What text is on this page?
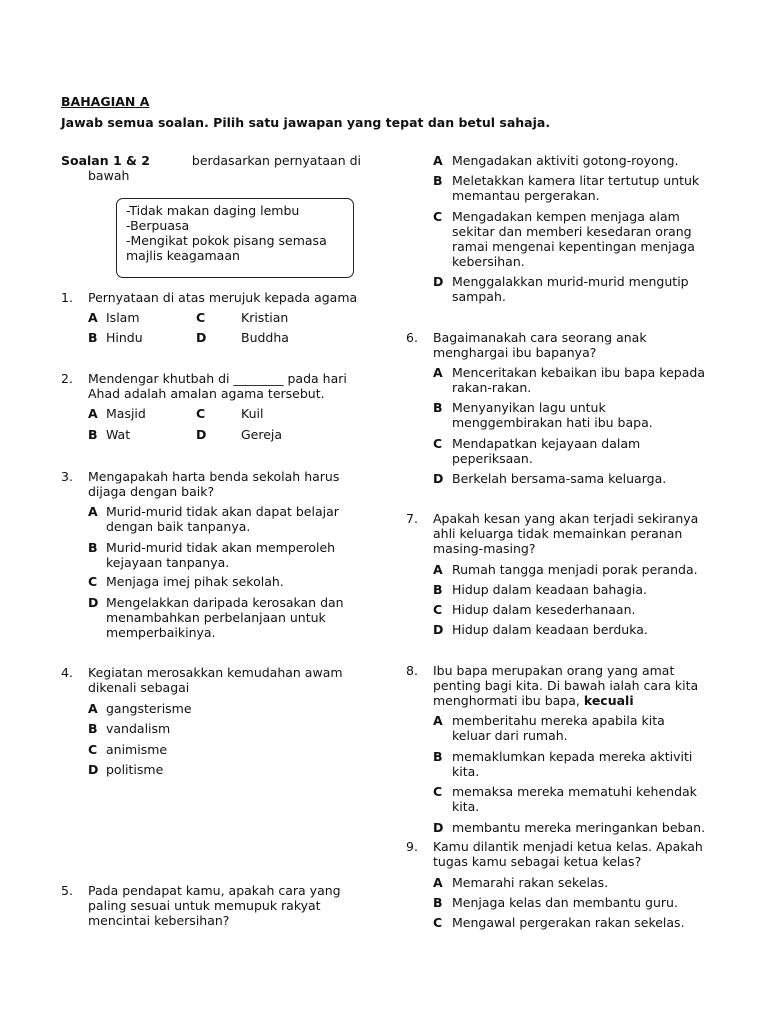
BAHAGIAN A
Jawab semua soalan. Pilih satu jawapan yang tepat dan betul sahaja.
Soalan 1 & 2	berdasarkan pernyataan di
bawah
-Tidak makan daging lembu
-Berpuasa
-Mengikat pokok pisang semasa
majlis keagamaan
1. Pernyataan di atas merujuk kepada agama
A Islam	C	Kristian
B Hindu	D	Buddha
2. Mendengar khutbah di ________ pada hari
Ahad adalah amalan agama tersebut.
A Masjid	C	Kuil
B Wat	D	Gereja
3. Mengapakah harta benda sekolah harus
dijaga dengan baik?
A Murid-murid tidak akan dapat belajar
dengan baik tanpanya.
B Murid-murid tidak akan memperoleh
kejayaan tanpanya.
C Menjaga imej pihak sekolah.
D Mengelakkan daripada kerosakan dan
menambahkan perbelanjaan untuk
memperbaikinya.
4. Kegiatan merosakkan kemudahan awam
dikenali sebagai
A gangsterisme
B vandalism
C animisme
D politisme
5. Pada pendapat kamu, apakah cara yang
paling sesuai untuk memupuk rakyat
mencintai kebersihan?
A Mengadakan aktiviti gotong-royong.
B Meletakkan kamera litar tertutup untuk
memantau pergerakan.
C Mengadakan kempen menjaga alam
sekitar dan memberi kesedaran orang
ramai mengenai kepentingan menjaga
kebersihan.
D Menggalakkan murid-murid mengutip
sampah.
6. Bagaimanakah cara seorang anak
menghargai ibu bapanya?
A Menceritakan kebaikan ibu bapa kepada
rakan-rakan.
B Menyanyikan lagu untuk
menggembirakan hati ibu bapa.
C Mendapatkan kejayaan dalam
peperiksaan.
D Berkelah bersama-sama keluarga.
7. Apakah kesan yang akan terjadi sekiranya
ahli keluarga tidak memainkan peranan
masing-masing?
A Rumah tangga menjadi porak peranda.
B Hidup dalam keadaan bahagia.
C Hidup dalam kesederhanaan.
D Hidup dalam keadaan berduka.
8. Ibu bapa merupakan orang yang amat
penting bagi kita. Di bawah ialah cara kita
menghormati ibu bapa, kecuali
A memberitahu mereka apabila kita
keluar dari rumah.
B memaklumkan kepada mereka aktiviti
kita.
C memaksa mereka mematuhi kehendak
kita.
D membantu mereka meringankan beban.
9. Kamu dilantik menjadi ketua kelas. Apakah
tugas kamu sebagai ketua kelas?
A Memarahi rakan sekelas.
B Menjaga kelas dan membantu guru.
C Mengawal pergerakan rakan sekelas.
